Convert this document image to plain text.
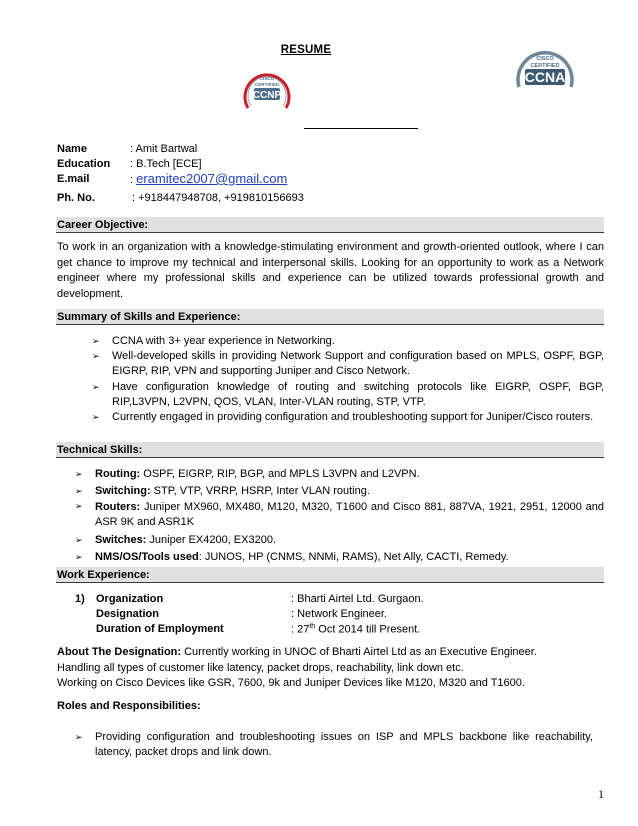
RESUME
CISCO
CERTIFIED
CCNP
CISCO
CERTIFIED
CCNA
Name	: Amit Bartwal
Education : B.Tech [ECE]
E.mail	: eramitec2007@gmail.com
Ph. No.	: +918447948708, +919810156693
Career Objective:
To work in an organization with a knowledge-stimulating environment and growth-oriented outlook, where I can get chance to improve my technical and interpersonal skills. Looking for an opportunity to work as a Network engineer where my professional skills and experience can be utilized towards professional growth and development.
Summary of Skills and Experience:
➢ CCNA with 3+ year experience in Networking.
➢ Well-developed skills in providing Network Support and configuration based on MPLS, OSPF, BGP, EIGRP, RIP, VPN and supporting Juniper and Cisco Network.
➢ Have configuration knowledge of routing and switching protocols like EIGRP, OSPF, BGP, RIP,L3VPN, L2VPN, QOS, VLAN, Inter-VLAN routing, STP, VTP.
➢ Currently engaged in providing configuration and troubleshooting support for Juniper/Cisco routers.
Technical Skills:
➢ Routing: OSPF, EIGRP, RIP, BGP, and MPLS L3VPN and L2VPN.
➢ Switching: STP, VTP, VRRP, HSRP, Inter VLAN routing.
➢ Routers: Juniper MX960, MX480, M120, M320, T1600 and Cisco 881, 887VA, 1921, 2951, 12000 and ASR 9K and ASR1K
➢ Switches: Juniper EX4200, EX3200.
➢ NMS/OS/Tools used: JUNOS, HP (CNMS, NNMi, RAMS), Net Ally, CACTI, Remedy.
Work Experience:
1) Organization	: Bharti Airtel Ltd. Gurgaon.
Designation	: Network Engineer.
Duration of Employment	: 27th Oct 2014 till Present.
About The Designation: Currently working in UNOC of Bharti Airtel Ltd as an Executive Engineer.
Handling all types of customer like latency, packet drops, reachability, link down etc.
Working on Cisco Devices like GSR, 7600, 9k and Juniper Devices like M120, M320 and T1600.
Roles and Responsibilities:
➢ Providing configuration and troubleshooting issues on ISP and MPLS backbone like reachability, latency, packet drops and link down.
1
